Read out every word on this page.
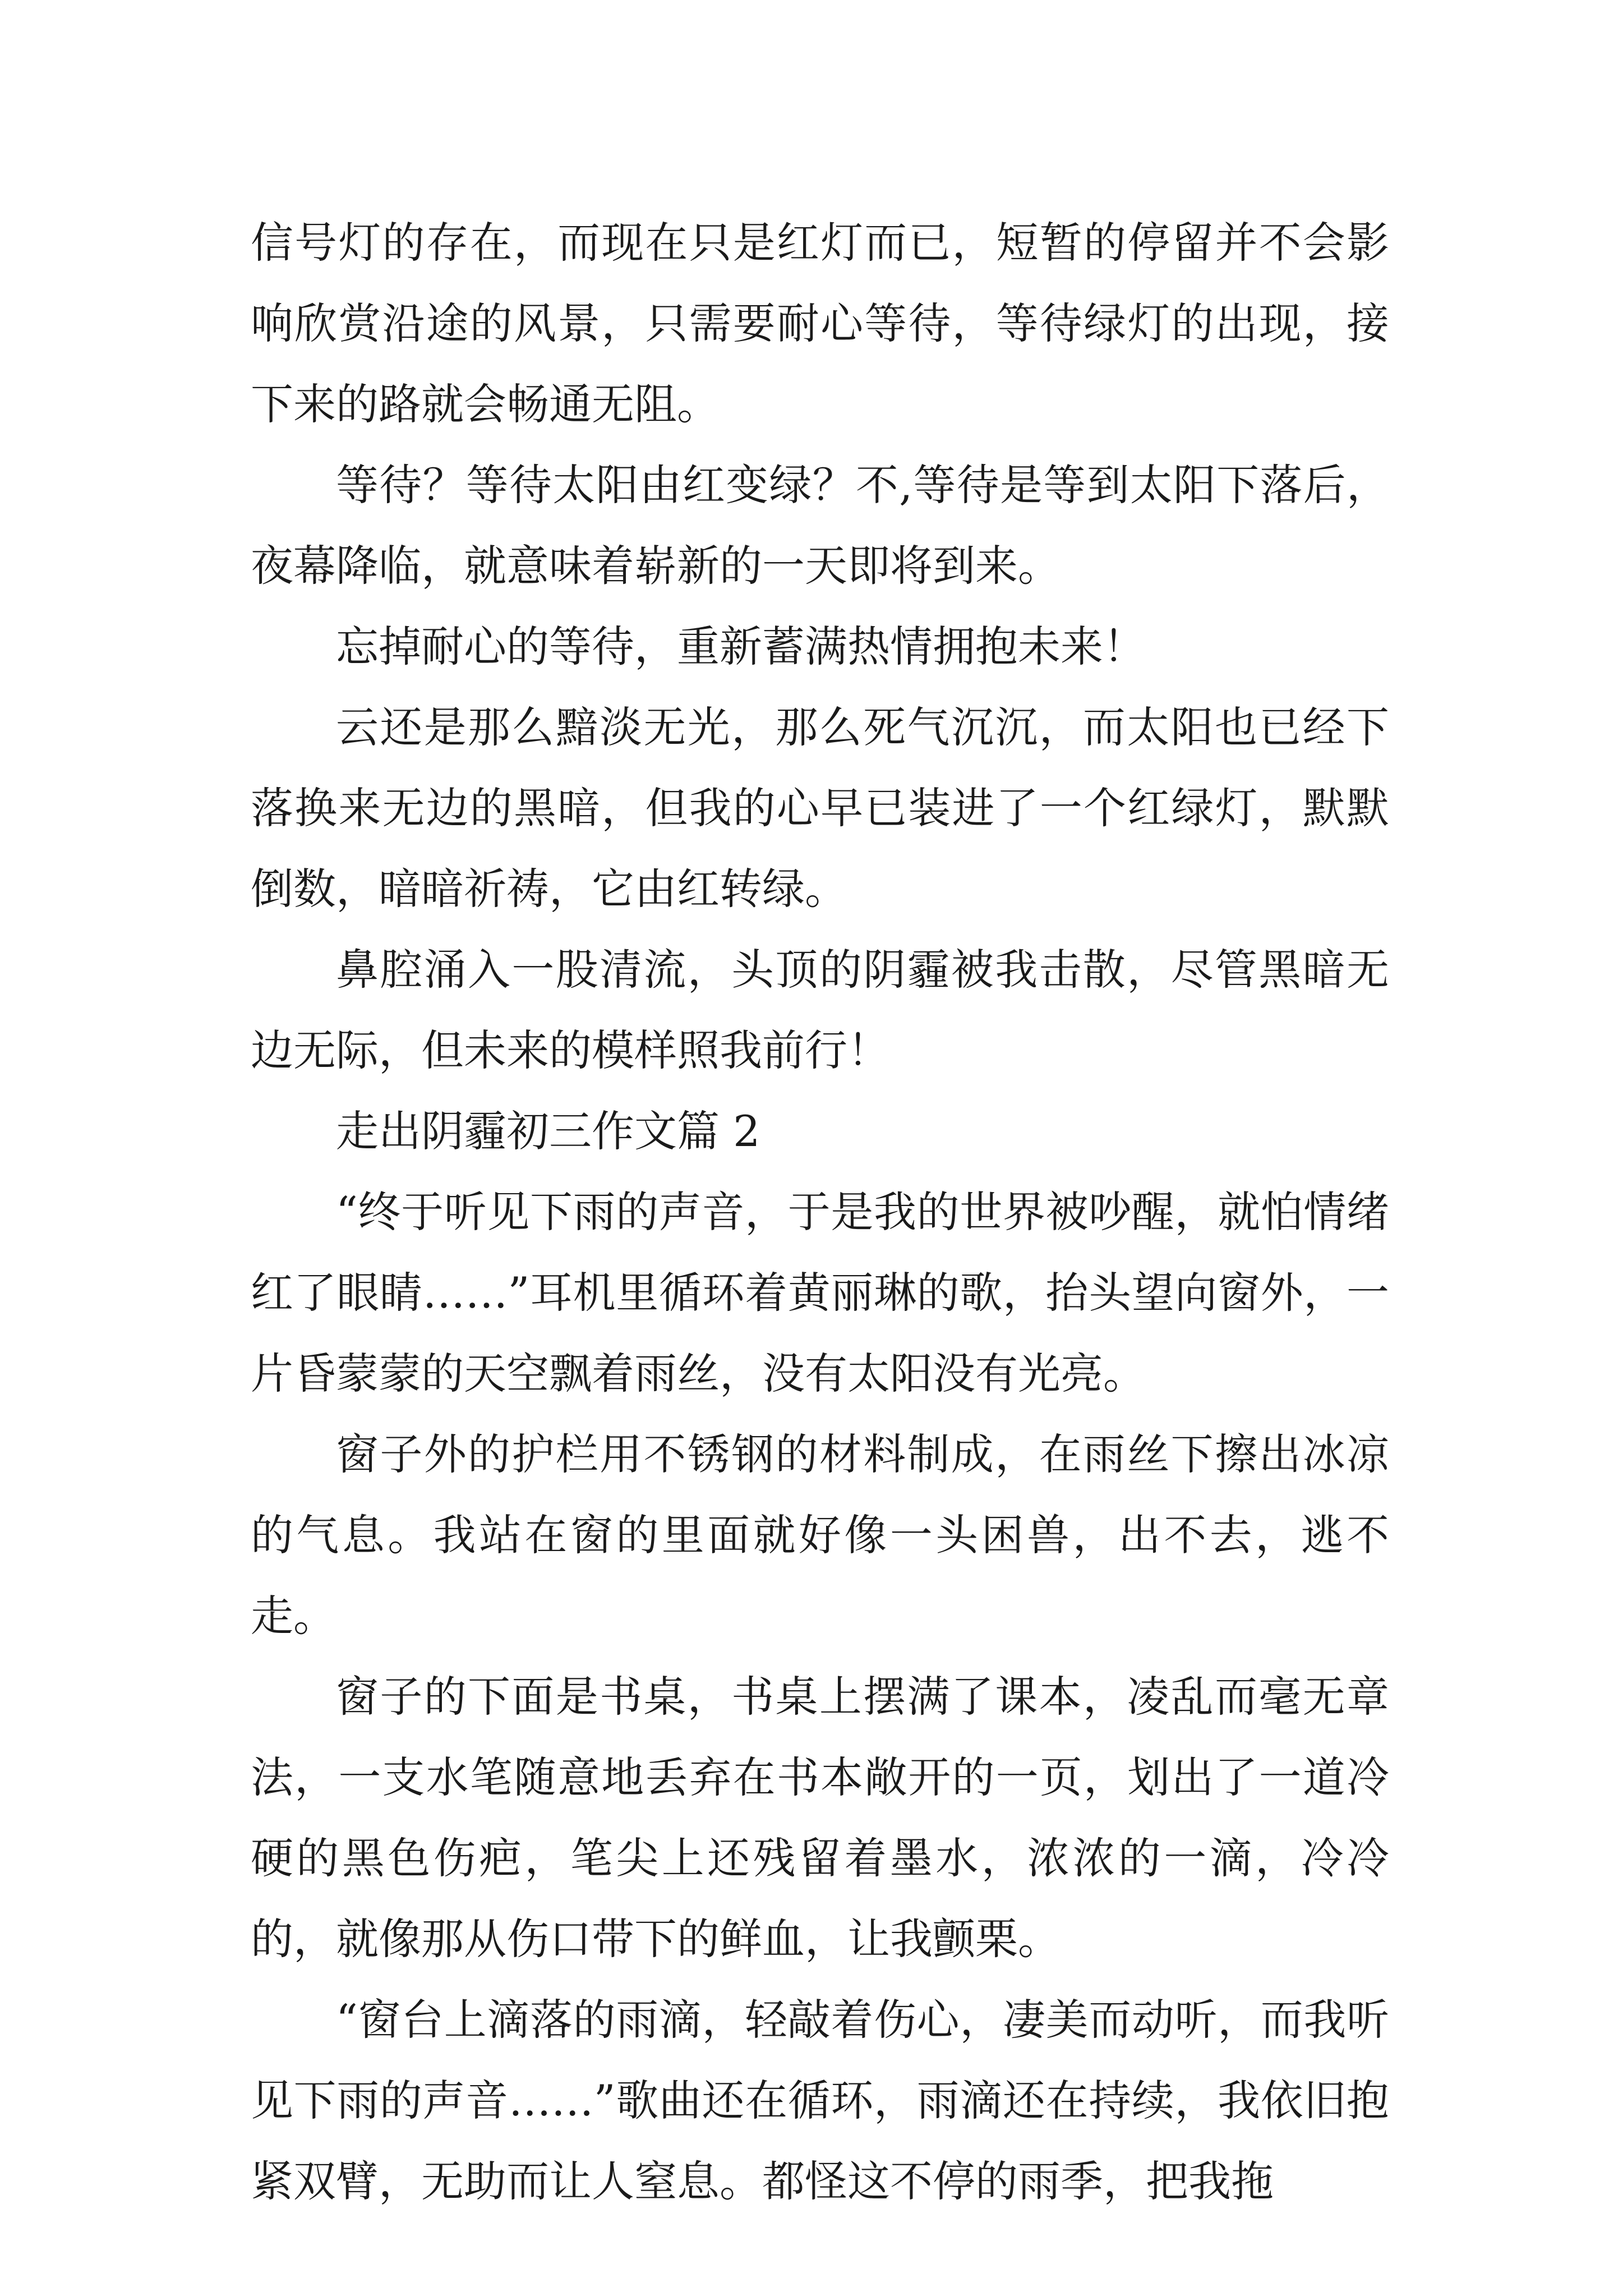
信号灯的存在，而现在只是红灯而已，短暂的停留并不会影响欣赏沿途的风景，只需要耐心等待，等待绿灯的出现，接下来的路就会畅通无阻。

等待？等待太阳由红变绿？不,等待是等到太阳下落后，夜幕降临，就意味着崭新的一天即将到来。

忘掉耐心的等待，重新蓄满热情拥抱未来！

云还是那么黯淡无光，那么死气沉沉，而太阳也已经下落换来无边的黑暗，但我的心早已装进了一个红绿灯，默默倒数，暗暗祈祷，它由红转绿。

鼻腔涌入一股清流，头顶的阴霾被我击散，尽管黑暗无边无际，但未来的模样照我前行！

走出阴霾初三作文篇 2

“终于听见下雨的声音，于是我的世界被吵醒，就怕情绪红了眼睛……”耳机里循环着黄丽琳的歌，抬头望向窗外，一片昏蒙蒙的天空飘着雨丝，没有太阳没有光亮。

窗子外的护栏用不锈钢的材料制成，在雨丝下擦出冰凉的气息。我站在窗的里面就好像一头困兽，出不去，逃不走。

窗子的下面是书桌，书桌上摆满了课本，凌乱而毫无章法，一支水笔随意地丢弃在书本敞开的一页，划出了一道冷硬的黑色伤疤，笔尖上还残留着墨水，浓浓的一滴，冷冷的，就像那从伤口带下的鲜血，让我颤栗。

“窗台上滴落的雨滴，轻敲着伤心，凄美而动听，而我听见下雨的声音……”歌曲还在循环，雨滴还在持续，我依旧抱紧双臂，无助而让人窒息。都怪这不停的雨季，把我拖
